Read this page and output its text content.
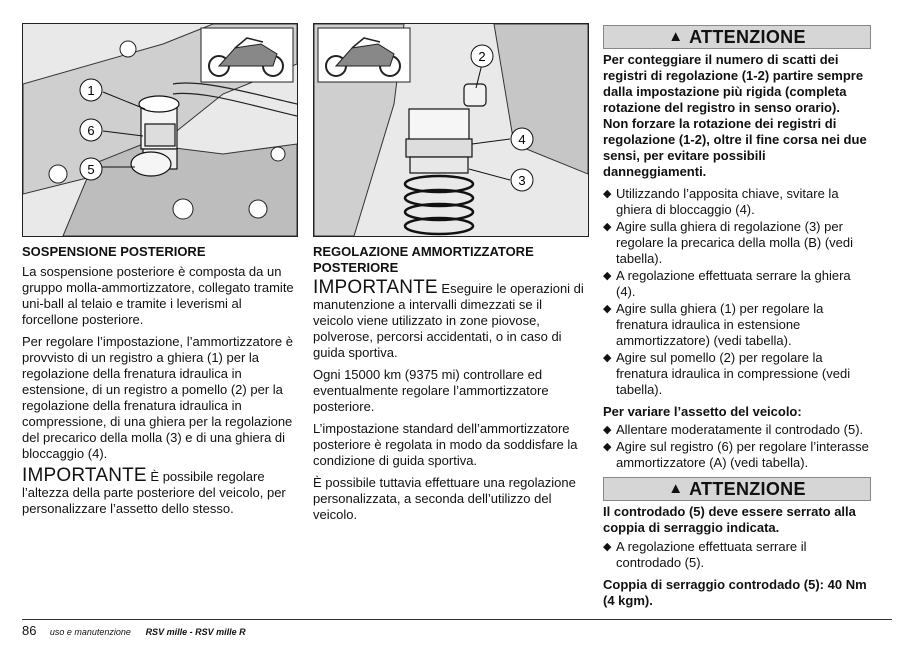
1
6
5
2
4
3
SOSPENSIONE POSTERIORE

La sospensione posteriore è composta da un gruppo molla-ammortizzatore, collegato tramite uni-ball al telaio e tramite i leverismi al forcellone posteriore.

Per regolare l’impostazione, l’ammortizzatore è provvisto di un registro a ghiera (1) per la regolazione della frenatura idraulica in estensione, di un registro a pomello (2) per la regolazione della frenatura idraulica in compressione, di una ghiera per la regolazione del precarico della molla (3) e di una ghiera di bloccaggio (4).

IMPORTANTE È possibile regolare l’altezza della parte posteriore del veicolo, per personalizzare l’assetto dello stesso.

REGOLAZIONE AMMORTIZZATORE
POSTERIORE

IMPORTANTE Eseguire le operazioni di manutenzione a intervalli dimezzati se il veicolo viene utilizzato in zone piovose, polverose, percorsi accidentati, o in caso di guida sportiva.

Ogni 15000 km (9375 mi) controllare ed eventualmente regolare l’ammortizzatore posteriore.

L’impostazione standard dell’ammortizzatore posteriore è regolata in modo da soddisfare la condizione di guida sportiva.

È possibile tuttavia effettuare una regolazione personalizzata, a seconda dell’utilizzo del veicolo.

▲ ATTENZIONE
Per conteggiare il numero di scatti dei registri di regolazione (1-2) partire sempre dalla impostazione più rigida (completa rotazione del registro in senso orario).
Non forzare la rotazione dei registri di regolazione (1-2), oltre il fine corsa nei due sensi, per evitare possibili danneggiamenti.
◆ Utilizzando l’apposita chiave, svitare la ghiera di bloccaggio (4).
◆ Agire sulla ghiera di regolazione (3) per regolare la precarica della molla (B) (vedi tabella).
◆ A regolazione effettuata serrare la ghiera (4).
◆ Agire sulla ghiera (1) per regolare la frenatura idraulica in estensione ammortizzatore) (vedi tabella).
◆ Agire sul pomello (2) per regolare la frenatura idraulica in compressione (vedi tabella).
Per variare l’assetto del veicolo:
◆ Allentare moderatamente il controdado (5).
◆ Agire sul registro (6) per regolare l’interasse ammortizzatore (A) (vedi tabella).
▲ ATTENZIONE
Il controdado (5) deve essere serrato alla coppia di serraggio indicata.
◆ A regolazione effettuata serrare il controdado (5).
Coppia di serraggio controdado (5): 40 Nm (4 kgm).
86 uso e manutenzione RSV mille - RSV mille R
